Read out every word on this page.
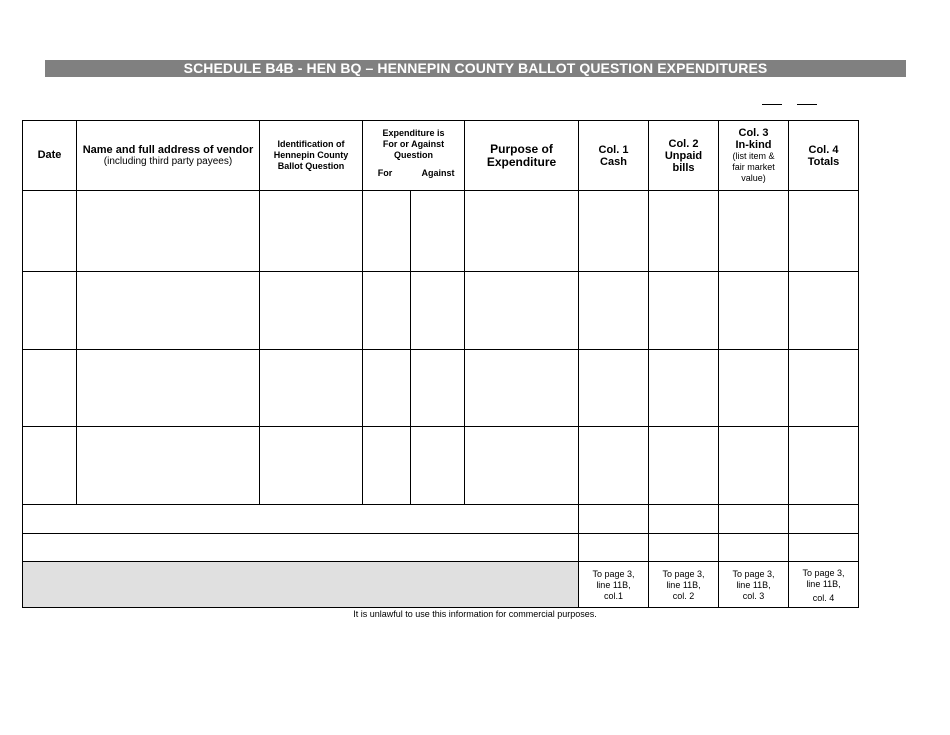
SCHEDULE B4B - HEN BQ – HENNEPIN COUNTY BALLOT QUESTION EXPENDITURES
Date Name and full address of vendor
(including third party payees)
Identification of
Hennepin County
Ballot Question
Expenditure is
For or Against
Question
For	Against
Purpose of
Expenditure
Col. 1
Cash
Col. 2
Unpaid
bills
Col. 3
In-kind
(list item &
fair market
value)
Col. 4
Totals
To page 3,
line 11B,
col.1
To page 3,
line 11B,
col. 2
To page 3,
line 11B,
col. 3
To page 3,
line 11B,
col. 4
It is unlawful to use this information for commercial purposes.
